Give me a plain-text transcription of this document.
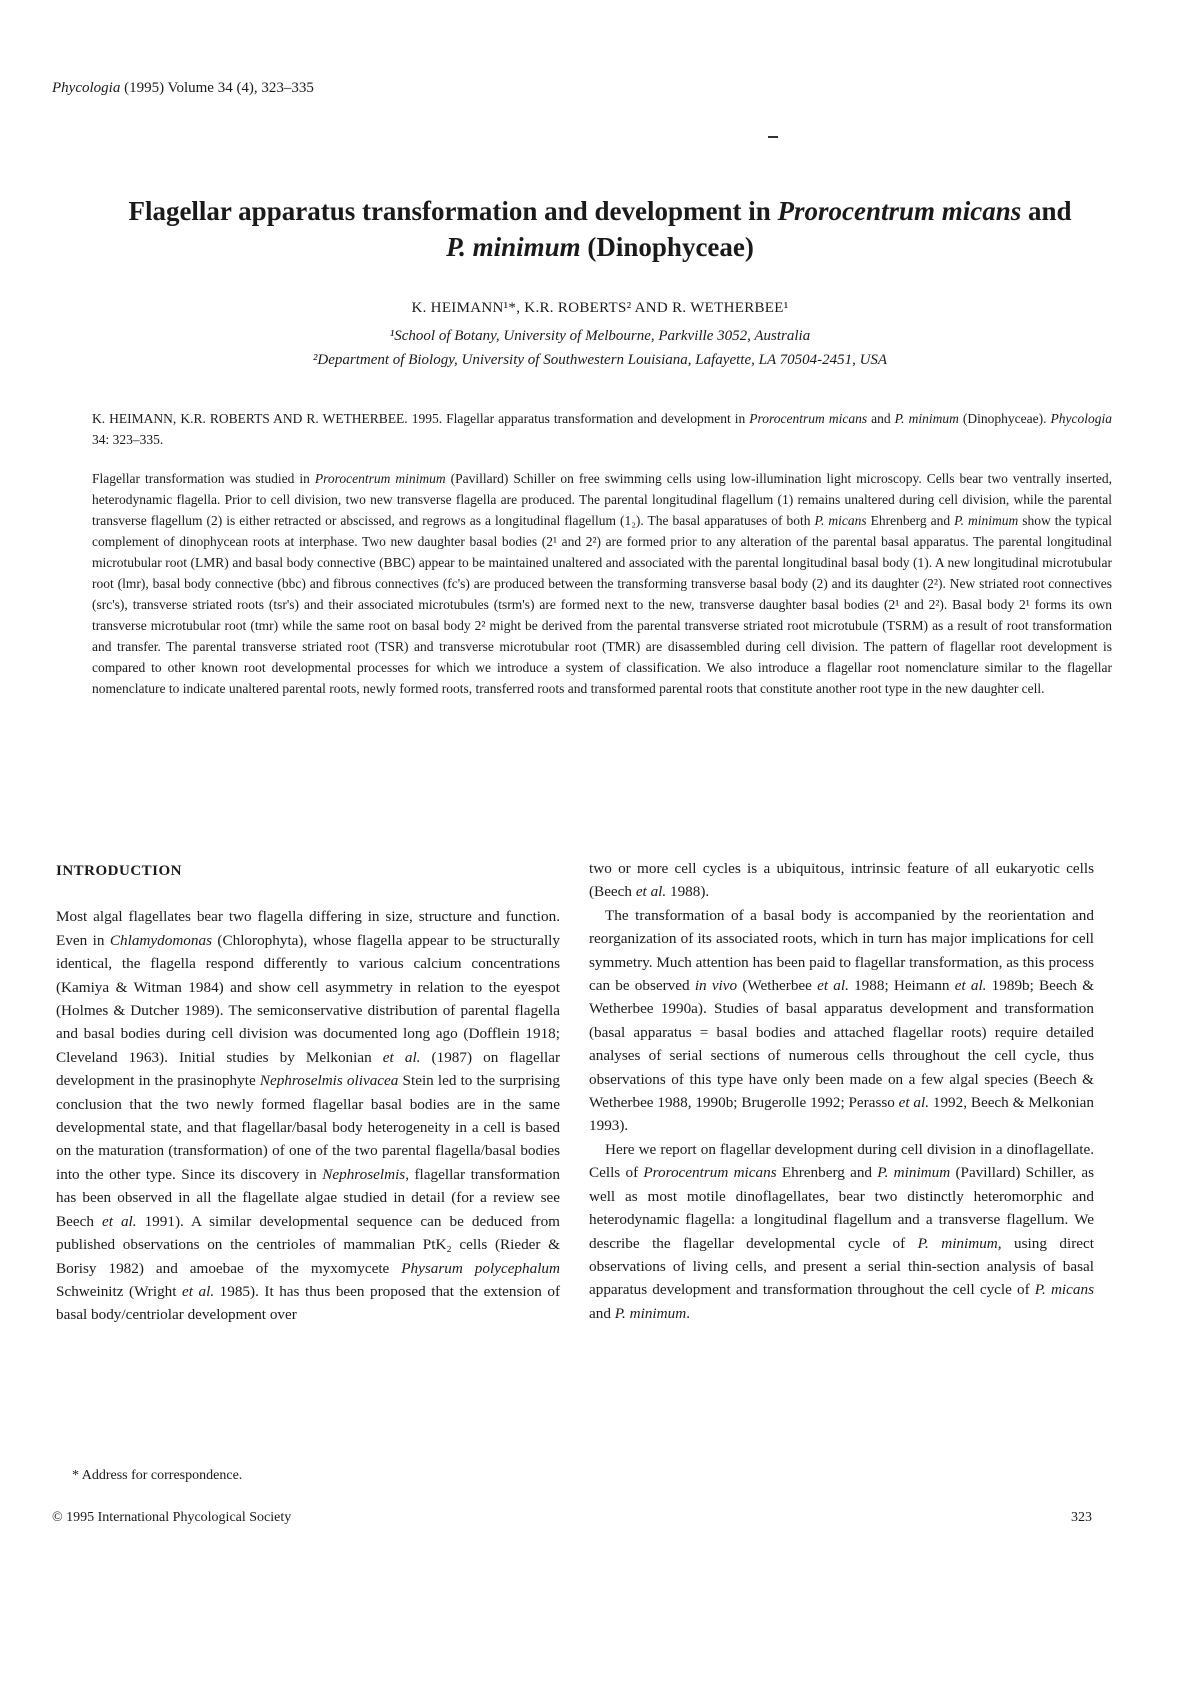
Phycologia (1995) Volume 34 (4), 323–335
Flagellar apparatus transformation and development in Prorocentrum micans and
P. minimum (Dinophyceae)
K. HEIMANN¹*, K.R. ROBERTS² AND R. WETHERBEE¹
¹School of Botany, University of Melbourne, Parkville 3052, Australia
²Department of Biology, University of Southwestern Louisiana, Lafayette, LA 70504-2451, USA
K. HEIMANN, K.R. ROBERTS AND R. WETHERBEE. 1995. Flagellar apparatus transformation and development in Prorocentrum micans and P. minimum (Dinophyceae). Phycologia 34: 323–335.
Flagellar transformation was studied in Prorocentrum minimum (Pavillard) Schiller on free swimming cells using low-illumination light microscopy. Cells bear two ventrally inserted, heterodynamic flagella. Prior to cell division, two new transverse flagella are produced. The parental longitudinal flagellum (1) remains unaltered during cell division, while the parental transverse flagellum (2) is either retracted or abscissed, and regrows as a longitudinal flagellum (1₂). The basal apparatuses of both P. micans Ehrenberg and P. minimum show the typical complement of dinophycean roots at interphase. Two new daughter basal bodies (2¹ and 2²) are formed prior to any alteration of the parental basal apparatus. The parental longitudinal microtubular root (LMR) and basal body connective (BBC) appear to be maintained unaltered and associated with the parental longitudinal basal body (1). A new longitudinal microtubular root (lmr), basal body connective (bbc) and fibrous connectives (fc's) are produced between the transforming transverse basal body (2) and its daughter (2²). New striated root connectives (src's), transverse striated roots (tsr's) and their associated microtubules (tsrm's) are formed next to the new, transverse daughter basal bodies (2¹ and 2²). Basal body 2¹ forms its own transverse microtubular root (tmr) while the same root on basal body 2² might be derived from the parental transverse striated root microtubule (TSRM) as a result of root transformation and transfer. The parental transverse striated root (TSR) and transverse microtubular root (TMR) are disassembled during cell division. The pattern of flagellar root development is compared to other known root developmental processes for which we introduce a system of classification. We also introduce a flagellar root nomenclature similar to the flagellar nomenclature to indicate unaltered parental roots, newly formed roots, transferred roots and transformed parental roots that constitute another root type in the new daughter cell.

INTRODUCTION

Most algal flagellates bear two flagella differing in size, structure and function. Even in Chlamydomonas (Chlorophyta), whose flagella appear to be structurally identical, the flagella respond differently to various calcium concentrations (Kamiya & Witman 1984) and show cell asymmetry in relation to the eyespot (Holmes & Dutcher 1989). The semiconservative distribution of parental flagella and basal bodies during cell division was documented long ago (Dofflein 1918; Cleveland 1963). Initial studies by Melkonian et al. (1987) on flagellar development in the prasinophyte Nephroselmis olivacea Stein led to the surprising conclusion that the two newly formed flagellar basal bodies are in the same developmental state, and that flagellar/basal body heterogeneity in a cell is based on the maturation (transformation) of one of the two parental flagella/basal bodies into the other type. Since its discovery in Nephroselmis, flagellar transformation has been observed in all the flagellate algae studied in detail (for a review see Beech et al. 1991). A similar developmental sequence can be deduced from published observations on the centrioles of mammalian PtK₂ cells (Rieder & Borisy 1982) and amoebae of the myxomycete Physarum polycephalum Schweinitz (Wright et al. 1985). It has thus been proposed that the extension of basal body/centriolar development over

two or more cell cycles is a ubiquitous, intrinsic feature of all eukaryotic cells (Beech et al. 1988).

The transformation of a basal body is accompanied by the reorientation and reorganization of its associated roots, which in turn has major implications for cell symmetry. Much attention has been paid to flagellar transformation, as this process can be observed in vivo (Wetherbee et al. 1988; Heimann et al. 1989b; Beech & Wetherbee 1990a). Studies of basal apparatus development and transformation (basal apparatus = basal bodies and attached flagellar roots) require detailed analyses of serial sections of numerous cells throughout the cell cycle, thus observations of this type have only been made on a few algal species (Beech & Wetherbee 1988, 1990b; Brugerolle 1992; Perasso et al. 1992, Beech & Melkonian 1993).

Here we report on flagellar development during cell division in a dinoflagellate. Cells of Prorocentrum micans Ehrenberg and P. minimum (Pavillard) Schiller, as well as most motile dinoflagellates, bear two distinctly heteromorphic and heterodynamic flagella: a longitudinal flagellum and a transverse flagellum. We describe the flagellar developmental cycle of P. minimum, using direct observations of living cells, and present a serial thin-section analysis of basal apparatus development and transformation throughout the cell cycle of P. micans and P. minimum.

* Address for correspondence.
© 1995 International Phycological Society	323
